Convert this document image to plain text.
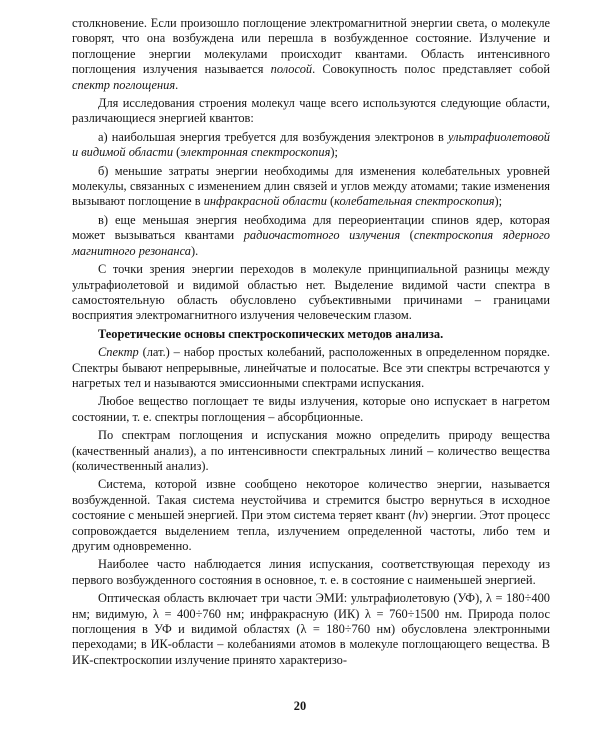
столкновение. Если произошло поглощение электромагнитной энергии света, о молекуле говорят, что она возбуждена или перешла в возбужденное состояние. Излучение и поглощение энергии молекулами происходит квантами. Область интенсивного поглощения излучения называется полосой. Совокупность полос представляет собой спектр поглощения.

Для исследования строения молекул чаще всего используются следующие области, различающиеся энергией квантов:

а) наибольшая энергия требуется для возбуждения электронов в ультрафиолетовой и видимой области (электронная спектроскопия);

б) меньшие затраты энергии необходимы для изменения колебательных уровней молекулы, связанных с изменением длин связей и углов между атомами; такие изменения вызывают поглощение в инфракрасной области (колебательная спектроскопия);

в) еще меньшая энергия необходима для переориентации спинов ядер, которая может вызываться квантами радиочастотного излучения (спектроскопия ядерного магнитного резонанса).

С точки зрения энергии переходов в молекуле принципиальной разницы между ультрафиолетовой и видимой областью нет. Выделение видимой части спектра в самостоятельную область обусловлено субъективными причинами – границами восприятия электромагнитного излучения человеческим глазом.

Теоретические основы спектроскопических методов анализа.

Спектр (лат.) – набор простых колебаний, расположенных в определенном порядке. Спектры бывают непрерывные, линейчатые и полосатые. Все эти спектры встречаются у нагретых тел и называются эмиссионными спектрами испускания.

Любое вещество поглощает те виды излучения, которые оно испускает в нагретом состоянии, т. е. спектры поглощения – абсорбционные.

По спектрам поглощения и испускания можно определить природу вещества (качественный анализ), а по интенсивности спектральных линий – количество вещества (количественный анализ).

Система, которой извне сообщено некоторое количество энергии, называется возбужденной. Такая система неустойчива и стремится быстро вернуться в исходное состояние с меньшей энергией. При этом система теряет квант (hv) энергии. Этот процесс сопровождается выделением тепла, излучением определенной частоты, либо тем и другим одновременно.

Наиболее часто наблюдается линия испускания, соответствующая переходу из первого возбужденного состояния в основное, т. е. в состояние с наименьшей энергией.

Оптическая область включает три части ЭМИ: ультрафиолетовую (УФ), λ = 180÷400 нм; видимую, λ = 400÷760 нм; инфракрасную (ИК) λ = 760÷1500 нм. Природа полос поглощения в УФ и видимой областях (λ = 180÷760 нм) обусловлена электронными переходами; в ИК-области – колебаниями атомов в молекуле поглощающего вещества. В ИК-спектроскопии излучение принято характеризо-

20
